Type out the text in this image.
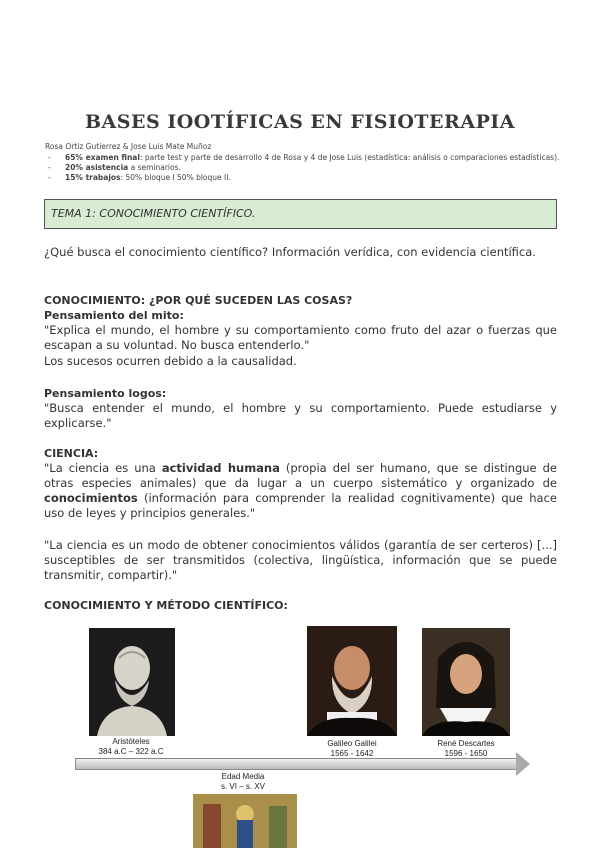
BASES IOOTÍFICAS EN FISIOTERAPIA
Rosa Ortiz Gutierrez & Jose Luis Mate Muñoz
- 65% examen final: parte test y parte de desarrollo 4 de Rosa y 4 de Jose Luis (estadística: análisis o comparaciones estadísticas).
- 20% asistencia a seminarios.
- 15% trabajos: 50% bloque I 50% bloque II.
TEMA 1: CONOCIMIENTO CIENTÍFICO.
¿Qué busca el conocimiento científico? Información verídica, con evidencia científica.
CONOCIMIENTO: ¿POR QUÉ SUCEDEN LAS COSAS?
Pensamiento del mito:
"Explica el mundo, el hombre y su comportamiento como fruto del azar o fuerzas que escapan a su voluntad. No busca entenderlo."
Los sucesos ocurren debido a la causalidad.
Pensamiento logos:
"Busca entender el mundo, el hombre y su comportamiento. Puede estudiarse y explicarse."
CIENCIA:
"La ciencia es una actividad humana (propia del ser humano, que se distingue de otras especies animales) que da lugar a un cuerpo sistemático y organizado de conocimientos (información para comprender la realidad cognitivamente) que hace uso de leyes y principios generales."
"La ciencia es un modo de obtener conocimientos válidos (garantía de ser certeros) [...] susceptibles de ser transmitidos (colectiva, lingüística, información que se puede transmitir, compartir)."
CONOCIMIENTO Y MÉTODO CIENTÍFICO:
Aristóteles
384 a.C – 322 a.C
Galileo Galilei
1565 - 1642
René Descartes
1596 - 1650
Edad Media
s. VI – s. XV
